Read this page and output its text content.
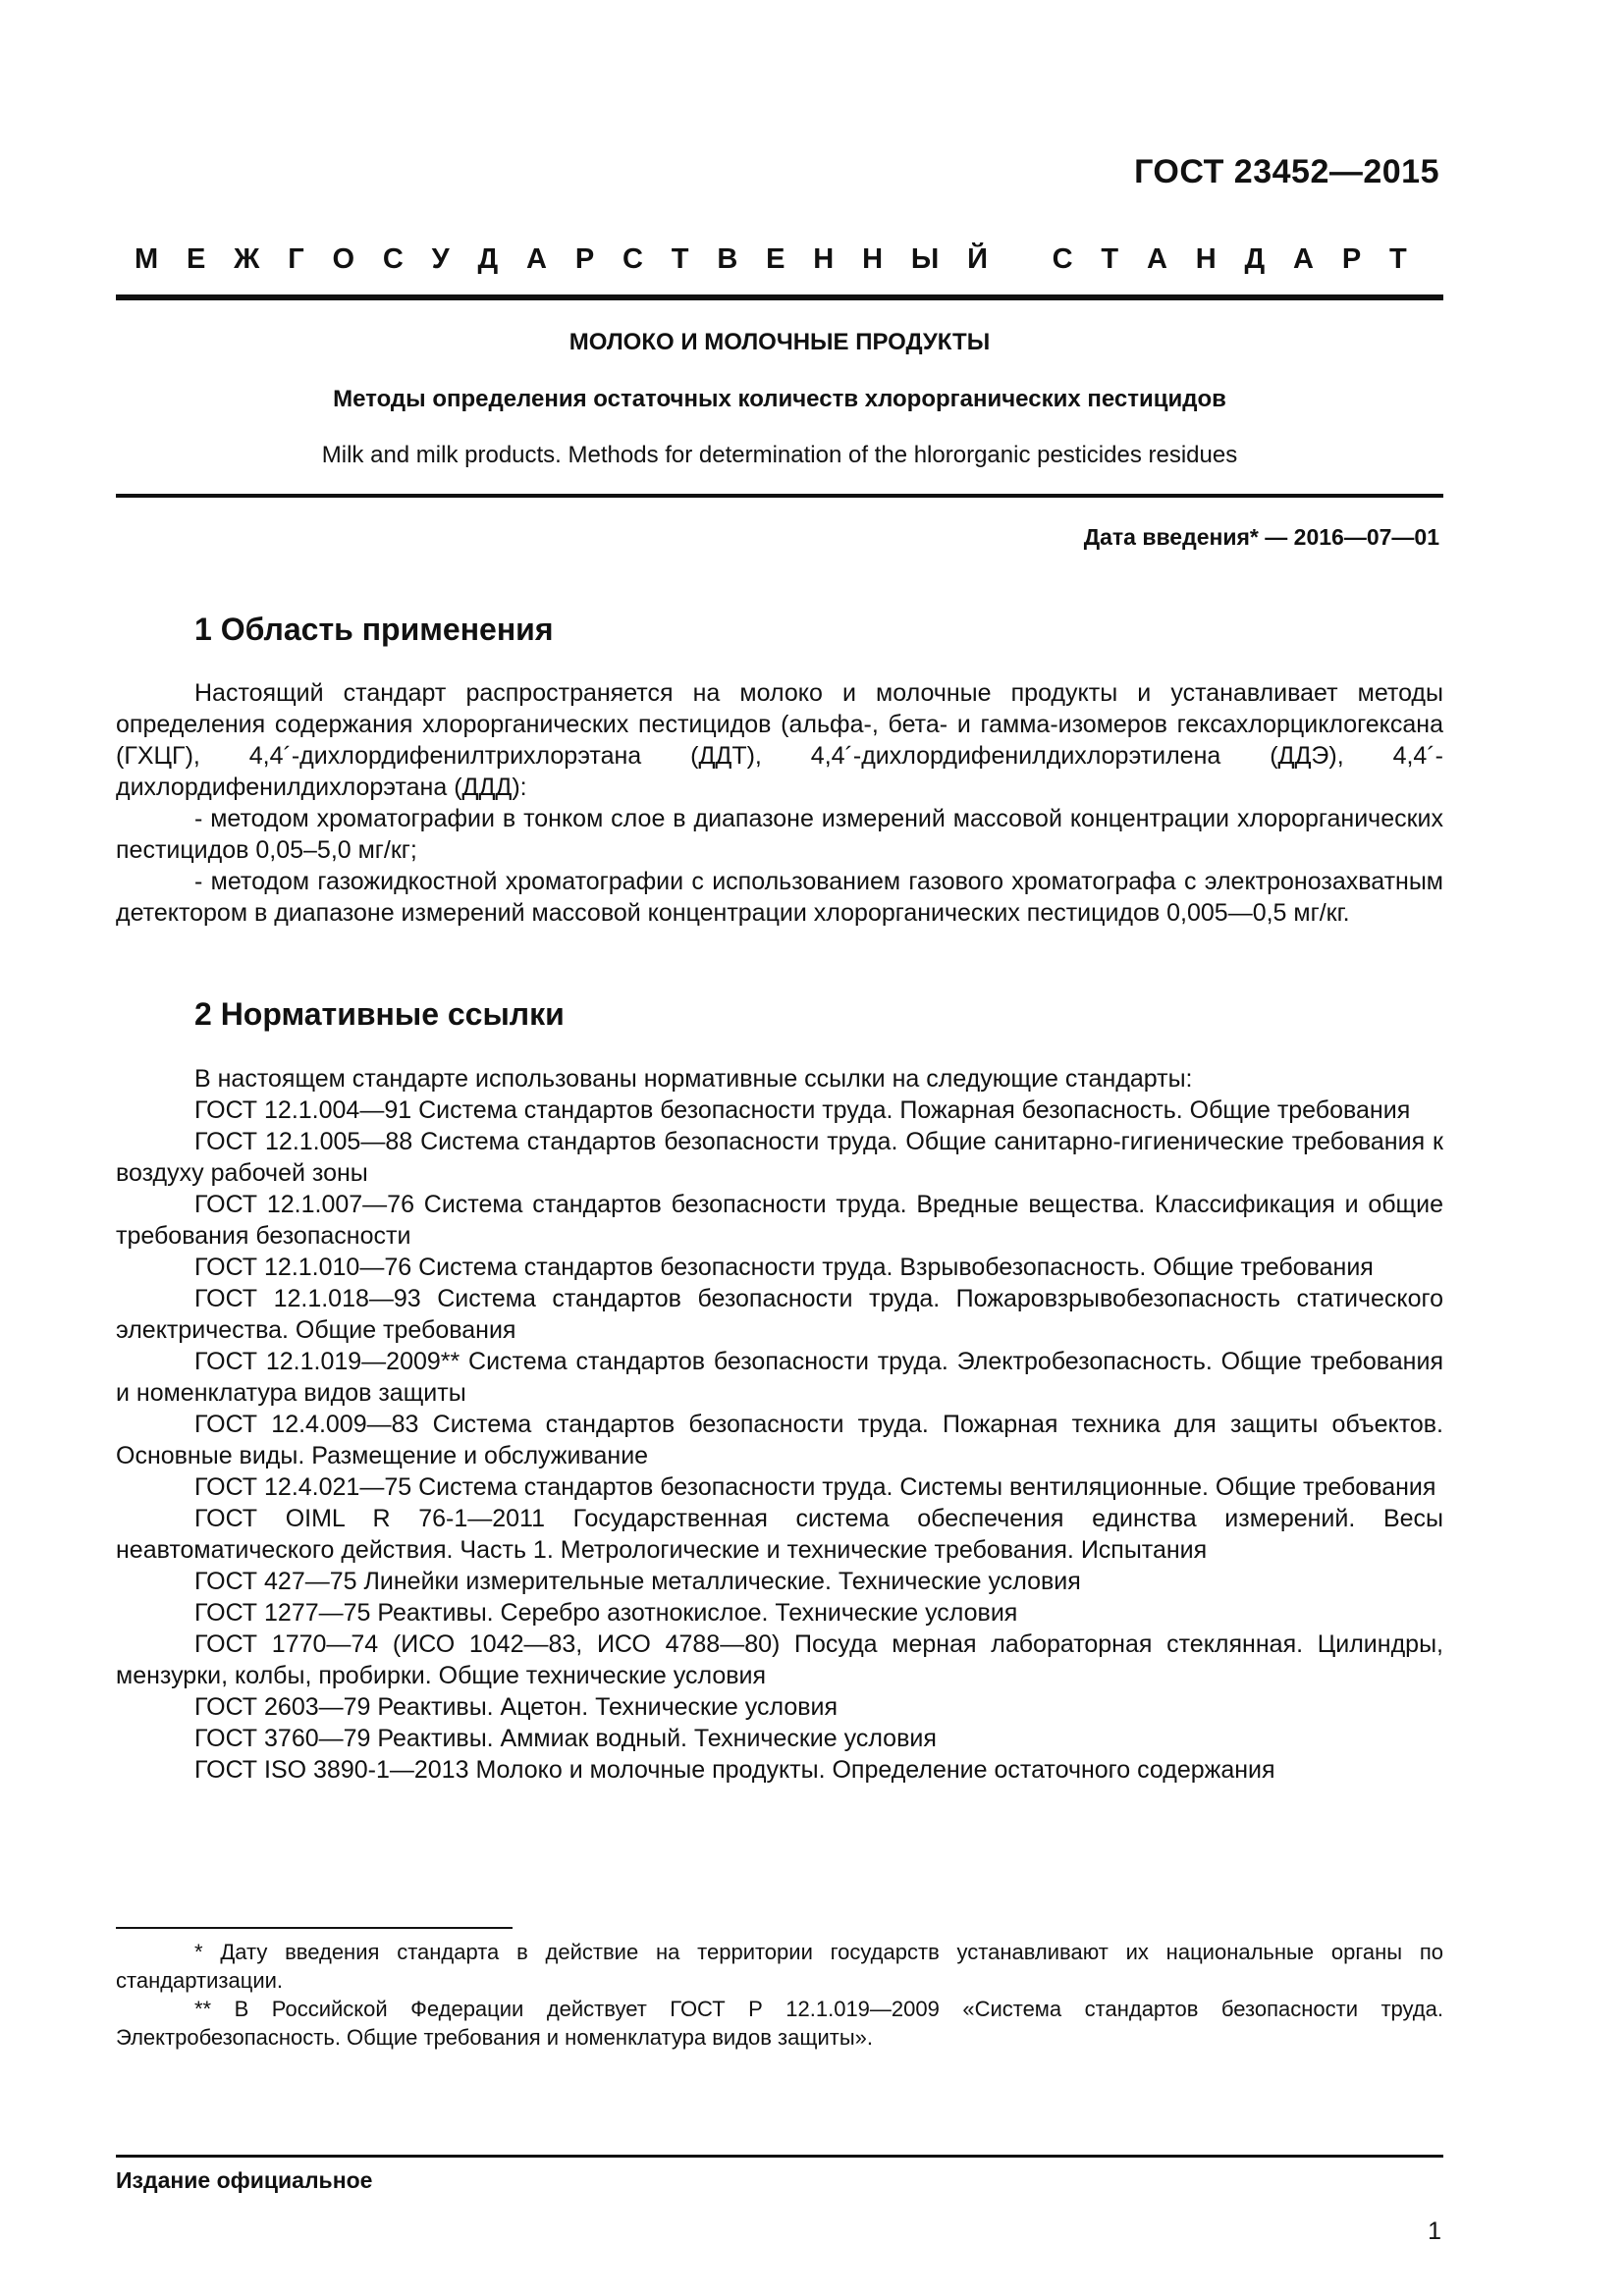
ГОСТ 23452—2015
М Е Ж Г О С У Д А Р С Т В Е Н Н Ы Й
С Т А Н Д А Р Т
МОЛОКО И МОЛОЧНЫЕ ПРОДУКТЫ
Методы определения остаточных количеств хлорорганических пестицидов
Milk and milk products. Methods for determination of the hlororganic pesticides residues
Дата введения* — 2016—07—01
1 Область применения

Настоящий стандарт распространяется на молоко и молочные продукты и устанавливает методы определения содержания хлорорганических пестицидов (альфа-, бета- и гамма-изомеров гексахлорциклогексана (ГХЦГ), 4,4´-дихлордифенилтрихлорэтана (ДДТ), 4,4´-дихлордифенилдихлорэтилена (ДДЭ), 4,4´-дихлордифенилдихлорэтана (ДДД):

- методом хроматографии в тонком слое в диапазоне измерений массовой концентрации хлорорганических пестицидов 0,05–5,0 мг/кг;

- методом газожидкостной хроматографии с использованием газового хроматографа с электронозахватным детектором в диапазоне измерений массовой концентрации хлорорганических пестицидов 0,005—0,5 мг/кг.

2 Нормативные ссылки

В настоящем стандарте использованы нормативные ссылки на следующие стандарты:

ГОСТ 12.1.004—91 Система стандартов безопасности труда. Пожарная безопасность. Общие требования

ГОСТ 12.1.005—88 Система стандартов безопасности труда. Общие санитарно-гигиенические требования к воздуху рабочей зоны

ГОСТ 12.1.007—76 Система стандартов безопасности труда. Вредные вещества. Классификация и общие требования безопасности

ГОСТ 12.1.010—76 Система стандартов безопасности труда. Взрывобезопасность. Общие требования

ГОСТ 12.1.018—93 Система стандартов безопасности труда. Пожаровзрывобезопасность статического электричества. Общие требования

ГОСТ 12.1.019—2009** Система стандартов безопасности труда. Электробезопасность. Общие требования и номенклатура видов защиты

ГОСТ 12.4.009—83 Система стандартов безопасности труда. Пожарная техника для защиты объектов. Основные виды. Размещение и обслуживание

ГОСТ 12.4.021—75 Система стандартов безопасности труда. Системы вентиляционные. Общие требования

ГОСТ OIML R 76-1—2011 Государственная система обеспечения единства измерений. Весы неавтоматического действия. Часть 1. Метрологические и технические требования. Испытания

ГОСТ 427—75 Линейки измерительные металлические. Технические условия

ГОСТ 1277—75 Реактивы. Серебро азотнокислое. Технические условия

ГОСТ 1770—74 (ИСО 1042—83, ИСО 4788—80) Посуда мерная лабораторная стеклянная. Цилиндры, мензурки, колбы, пробирки. Общие технические условия

ГОСТ 2603—79 Реактивы. Ацетон. Технические условия

ГОСТ 3760—79 Реактивы. Аммиак водный. Технические условия

ГОСТ ISO 3890-1—2013 Молоко и молочные продукты. Определение остаточного содержания

* Дату введения стандарта в действие на территории государств устанавливают их национальные органы по стандартизации.

** В Российской Федерации действует ГОСТ Р 12.1.019—2009 «Система стандартов безопасности труда. Электробезопасность. Общие требования и номенклатура видов защиты».

Издание официальное
1
